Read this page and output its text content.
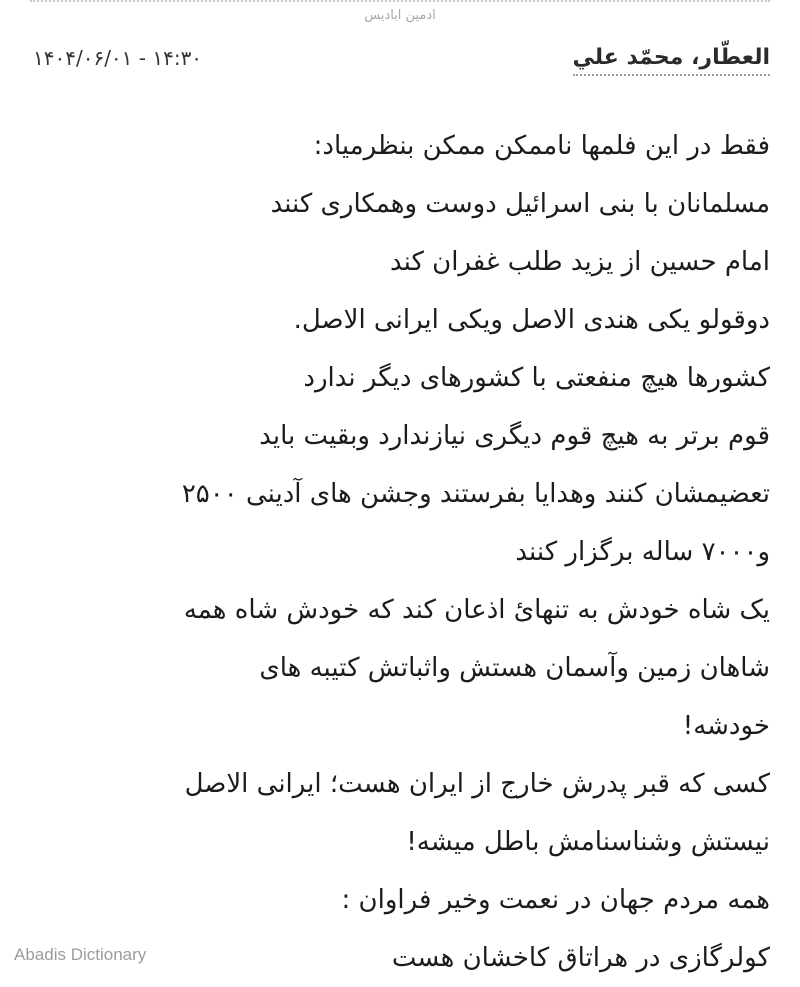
ادمین ابادیس
العطّار، محمّد علي
۱۴۰۴/۰۶/۰۱ - ۱۴:۳۰
فقط در این فلمها ناممکن ممکن بنظرمیاد:
مسلمانان با بنی اسرائیل دوست وهمکاری کنند
امام حسین از یزید طلب غفران کند
دوقولو یکی هندی الاصل ویکی ایرانی الاصل.
کشورها هیچ منفعتی با کشورهای دیگر ندارد
قوم برتر به هیچ قوم دیگری نیازندارد وبقیت باید
تعضیمشان کنند وهدایا بفرستند وجشن های آدینی ۲۵۰۰
و۷۰۰۰ ساله برگزار کنند
یک شاه خودش به تنهائ اذعان کند که خودش شاه همه
شاهان زمین وآسمان هستش واثباتش کتیبه های
خودشه!
کسی که قبر پدرش خارج از ایران هست؛ ایرانی الاصل
نیستش وشناسنامش باطل میشه!
همه مردم جهان در نعمت وخیر فراوان :
کولرگازی در هراتاق کاخشان هست
Abadis Dictionary
